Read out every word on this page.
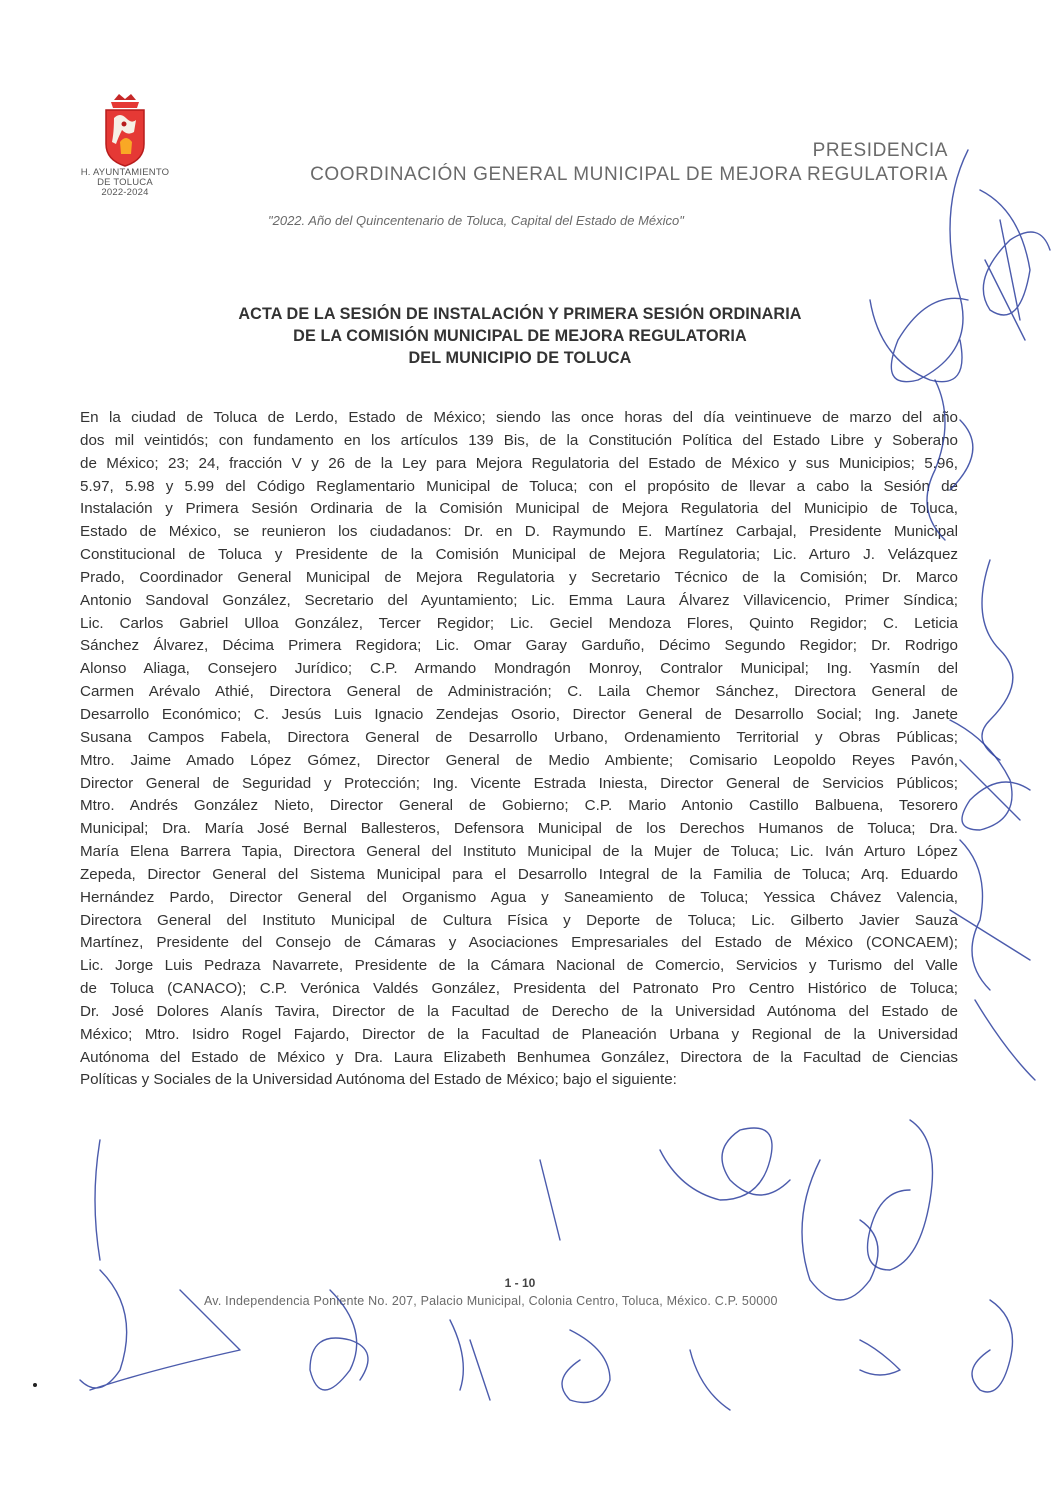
H. AYUNTAMIENTO
DE TOLUCA
2022-2024
PRESIDENCIA
COORDINACIÓN GENERAL MUNICIPAL DE MEJORA REGULATORIA
"2022. Año del Quincentenario de Toluca, Capital del Estado de México"
ACTA DE LA SESIÓN DE INSTALACIÓN Y PRIMERA SESIÓN ORDINARIA
DE LA COMISIÓN MUNICIPAL DE MEJORA REGULATORIA
DEL MUNICIPIO DE TOLUCA
En la ciudad de Toluca de Lerdo, Estado de México; siendo las once horas del día veintinueve de marzo del año
dos mil veintidós; con fundamento en los artículos 139 Bis, de la Constitución Política del Estado Libre y Soberano
de México; 23; 24, fracción V y 26 de la Ley para Mejora Regulatoria del Estado de México y sus Municipios; 5.96,
5.97, 5.98 y 5.99 del Código Reglamentario Municipal de Toluca; con el propósito de llevar a cabo la Sesión de
Instalación y Primera Sesión Ordinaria de la Comisión Municipal de Mejora Regulatoria del Municipio de Toluca,
Estado de México, se reunieron los ciudadanos: Dr. en D. Raymundo E. Martínez Carbajal, Presidente Municipal
Constitucional de Toluca y Presidente de la Comisión Municipal de Mejora Regulatoria; Lic. Arturo J. Velázquez
Prado, Coordinador General Municipal de Mejora Regulatoria y Secretario Técnico de la Comisión; Dr. Marco
Antonio Sandoval González, Secretario del Ayuntamiento; Lic. Emma Laura Álvarez Villavicencio, Primer Síndica;
Lic. Carlos Gabriel Ulloa González, Tercer Regidor; Lic. Geciel Mendoza Flores, Quinto Regidor; C. Leticia
Sánchez Álvarez, Décima Primera Regidora; Lic. Omar Garay Garduño, Décimo Segundo Regidor; Dr. Rodrigo
Alonso Aliaga, Consejero Jurídico; C.P. Armando Mondragón Monroy, Contralor Municipal; Ing. Yasmín del
Carmen Arévalo Athié, Directora General de Administración; C. Laila Chemor Sánchez, Directora General de
Desarrollo Económico; C. Jesús Luis Ignacio Zendejas Osorio, Director General de Desarrollo Social; Ing. Janete
Susana Campos Fabela, Directora General de Desarrollo Urbano, Ordenamiento Territorial y Obras Públicas;
Mtro. Jaime Amado López Gómez, Director General de Medio Ambiente; Comisario Leopoldo Reyes Pavón,
Director General de Seguridad y Protección; Ing. Vicente Estrada Iniesta, Director General de Servicios Públicos;
Mtro. Andrés González Nieto, Director General de Gobierno; C.P. Mario Antonio Castillo Balbuena, Tesorero
Municipal; Dra. María José Bernal Ballesteros, Defensora Municipal de los Derechos Humanos de Toluca; Dra.
María Elena Barrera Tapia, Directora General del Instituto Municipal de la Mujer de Toluca; Lic. Iván Arturo López
Zepeda, Director General del Sistema Municipal para el Desarrollo Integral de la Familia de Toluca; Arq. Eduardo
Hernández Pardo, Director General del Organismo Agua y Saneamiento de Toluca; Yessica Chávez Valencia,
Directora General del Instituto Municipal de Cultura Física y Deporte de Toluca; Lic. Gilberto Javier Sauza
Martínez, Presidente del Consejo de Cámaras y Asociaciones Empresariales del Estado de México (CONCAEM);
Lic. Jorge Luis Pedraza Navarrete, Presidente de la Cámara Nacional de Comercio, Servicios y Turismo del Valle
de Toluca (CANACO); C.P. Verónica Valdés González, Presidenta del Patronato Pro Centro Histórico de Toluca;
Dr. José Dolores Alanís Tavira, Director de la Facultad de Derecho de la Universidad Autónoma del Estado de
México; Mtro. Isidro Rogel Fajardo, Director de la Facultad de Planeación Urbana y Regional de la Universidad
Autónoma del Estado de México y Dra. Laura Elizabeth Benhumea González, Directora de la Facultad de Ciencias
Políticas y Sociales de la Universidad Autónoma del Estado de México; bajo el siguiente:
1 - 10
Av. Independencia Poniente No. 207, Palacio Municipal, Colonia Centro, Toluca, México. C.P. 50000
